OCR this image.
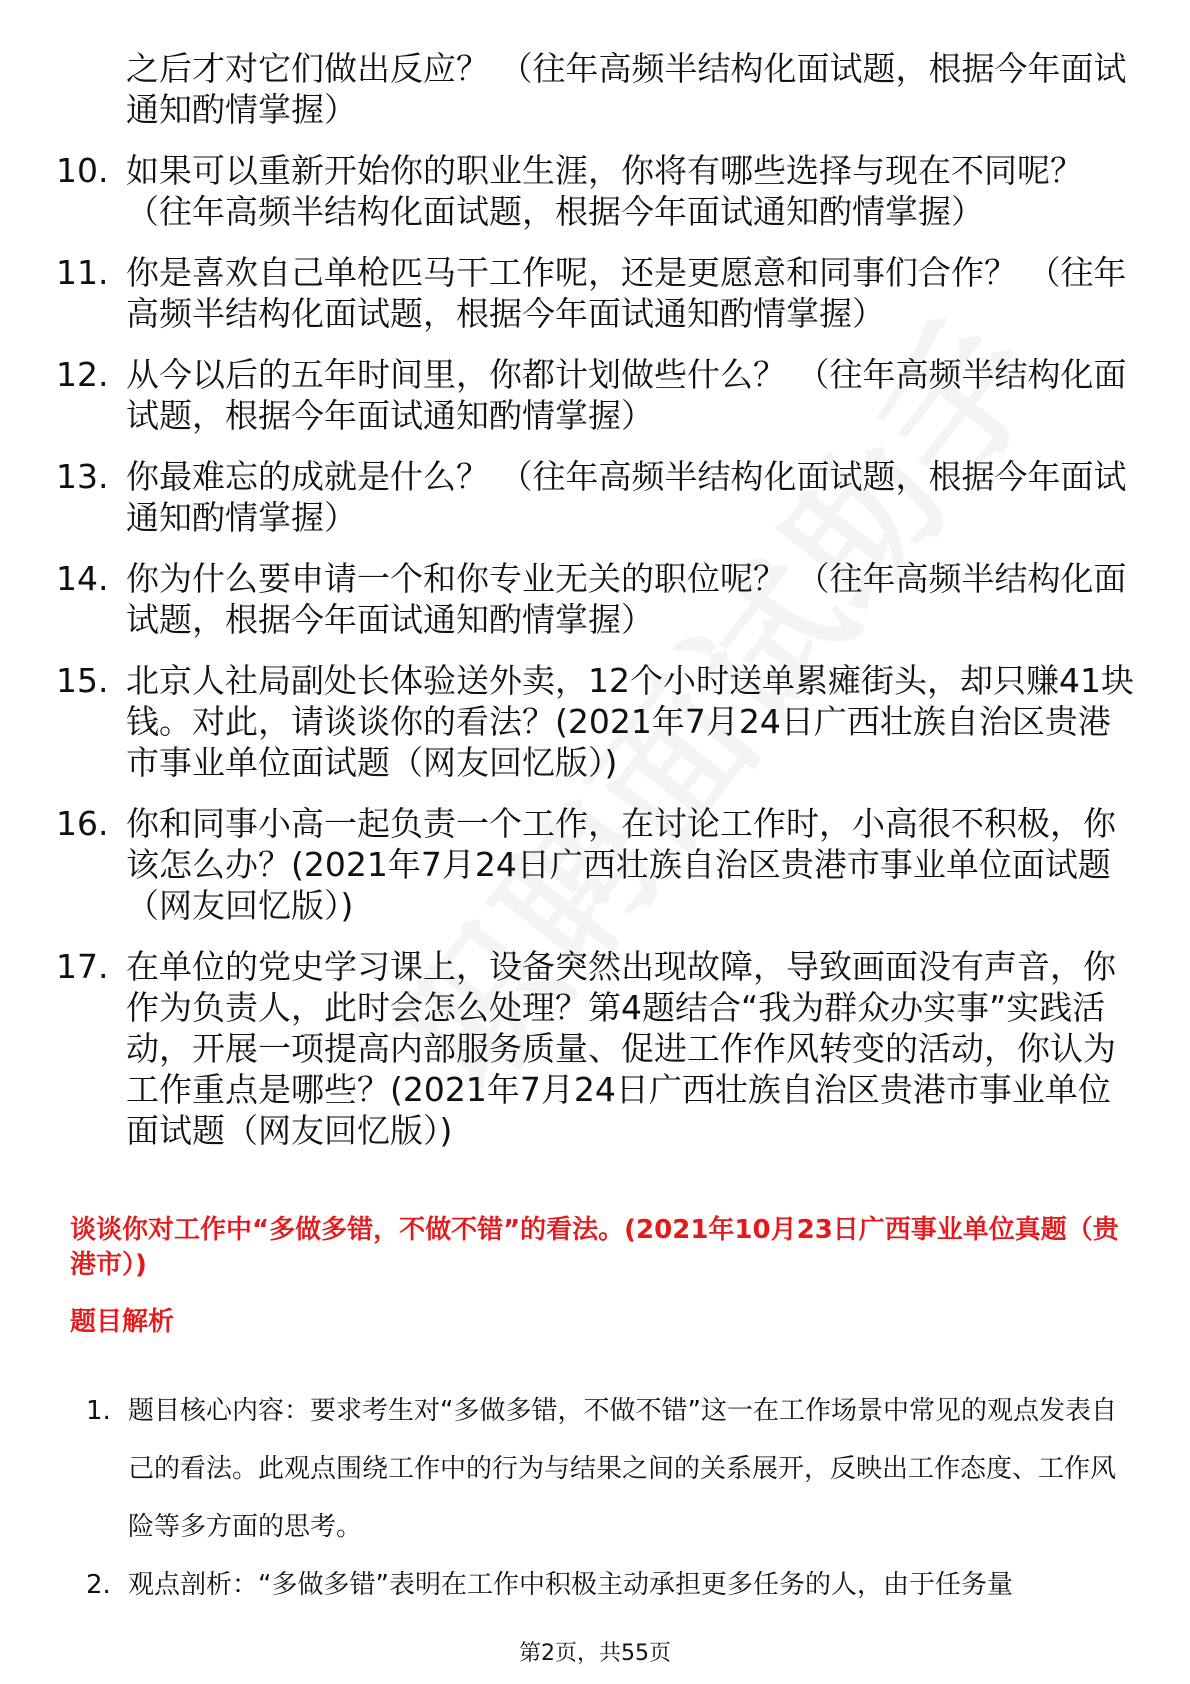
之后才对它们做出反应？ （往年高频半结构化面试题，根据今年面试通知酌情掌握）
10. 如果可以重新开始你的职业生涯，你将有哪些选择与现在不同呢？ （往年高频半结构化面试题，根据今年面试通知酌情掌握）
11. 你是喜欢自己单枪匹马干工作呢，还是更愿意和同事们合作？ （往年高频半结构化面试题，根据今年面试通知酌情掌握）
12. 从今以后的五年时间里，你都计划做些什么？ （往年高频半结构化面试题，根据今年面试通知酌情掌握）
13. 你最难忘的成就是什么？ （往年高频半结构化面试题，根据今年面试通知酌情掌握）
14. 你为什么要申请一个和你专业无关的职位呢？ （往年高频半结构化面试题，根据今年面试通知酌情掌握）
15. 北京人社局副处长体验送外卖，12个小时送单累瘫街头，却只赚41块钱。对此，请谈谈你的看法？(2021年7月24日广西壮族自治区贵港市事业单位面试题（网友回忆版）)
16. 你和同事小高一起负责一个工作，在讨论工作时，小高很不积极，你该怎么办？(2021年7月24日广西壮族自治区贵港市事业单位面试题（网友回忆版）)
17. 在单位的党史学习课上，设备突然出现故障，导致画面没有声音，你作为负责人，此时会怎么处理？第4题结合“我为群众办实事”实践活动，开展一项提高内部服务质量、促进工作作风转变的活动，你认为工作重点是哪些？(2021年7月24日广西壮族自治区贵港市事业单位面试题（网友回忆版）)
谈谈你对工作中“多做多错，不做不错”的看法。(2021年10月23日广西事业单位真题（贵港市）)
题目解析
1. 题目核心内容：要求考生对“多做多错，不做不错”这一在工作场景中常见的观点发表自己的看法。此观点围绕工作中的行为与结果之间的关系展开，反映出工作态度、工作风险等多方面的思考。
2. 观点剖析：“多做多错”表明在工作中积极主动承担更多任务的人，由于任务量
第2页，共55页
